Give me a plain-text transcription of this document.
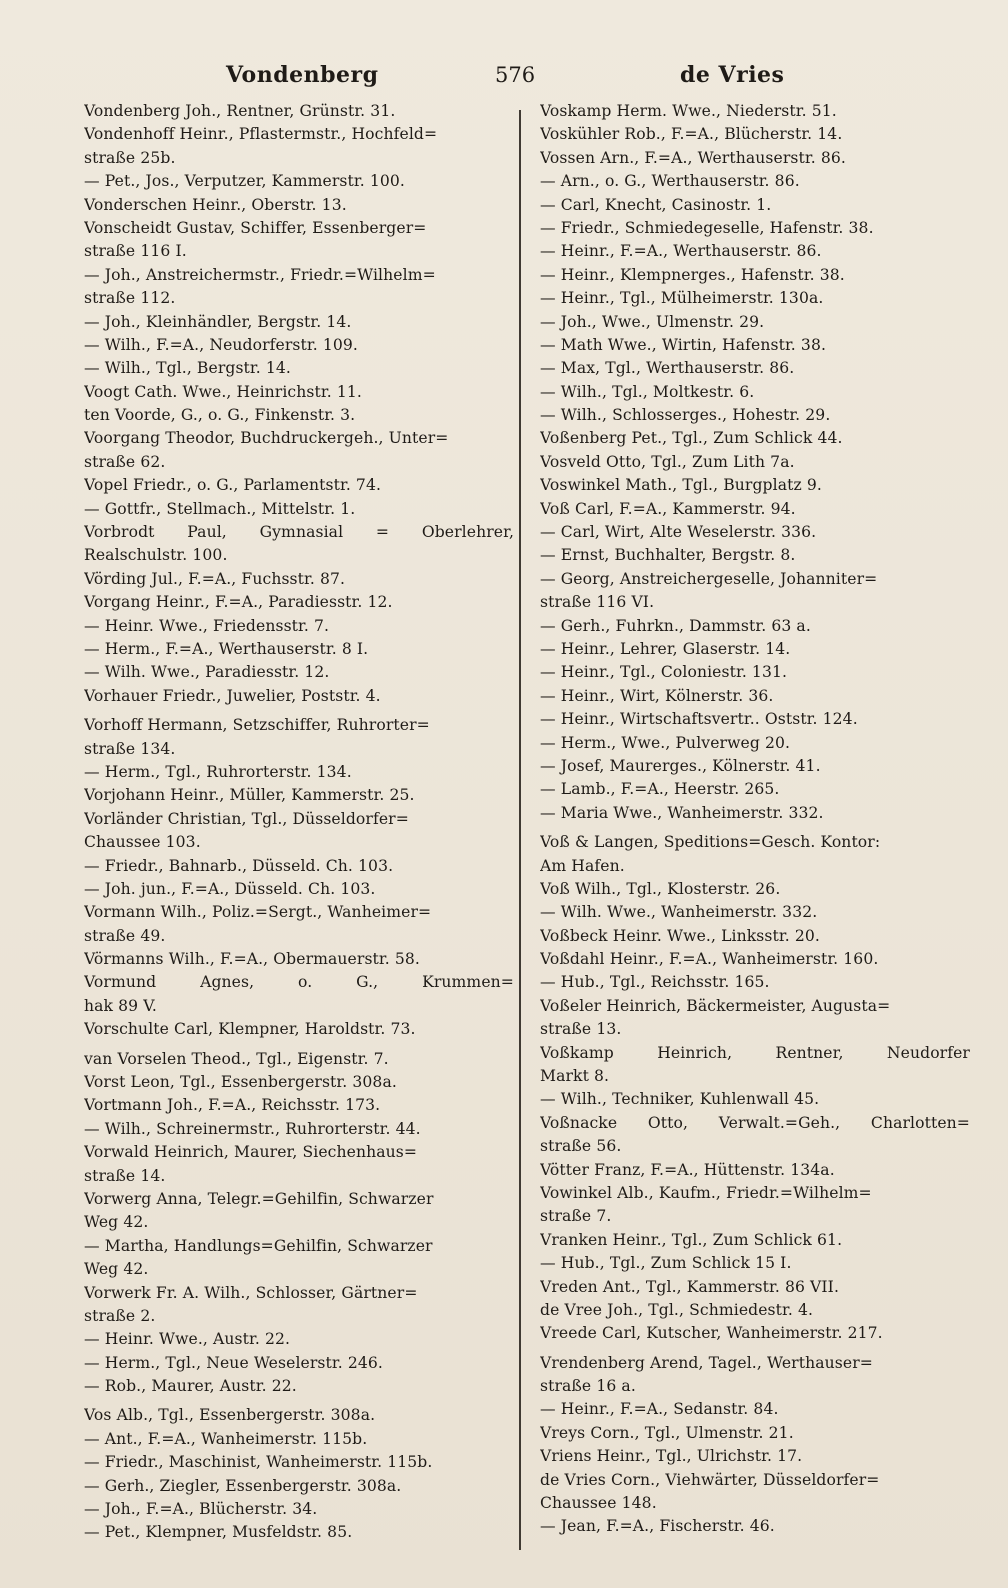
Vondenberg	576	de Vries
Vondenberg Joh., Rentner, Grünstr. 31.
Vondenhoff Heinr., Pflastermstr., Hochfeld=
straße 25b.
— Pet., Jos., Verputzer, Kammerstr. 100.
Vonderschen Heinr., Oberstr. 13.
Vonscheidt Gustav, Schiffer, Essenberger=
straße 116 I.
— Joh., Anstreichermstr., Friedr.=Wilhelm=
straße 112.
— Joh., Kleinhändler, Bergstr. 14.
— Wilh., F.=A., Neudorferstr. 109.
— Wilh., Tgl., Bergstr. 14.
Voogt Cath. Wwe., Heinrichstr. 11.
ten Voorde, G., o. G., Finkenstr. 3.
Voorgang Theodor, Buchdruckergeh., Unter=
straße 62.
Vopel Friedr., o. G., Parlamentstr. 74.
— Gottfr., Stellmach., Mittelstr. 1.
Vorbrodt Paul, Gymnasial = Oberlehrer,
Realschulstr. 100.
Vörding Jul., F.=A., Fuchsstr. 87.
Vorgang Heinr., F.=A., Paradiesstr. 12.
— Heinr. Wwe., Friedensstr. 7.
— Herm., F.=A., Werthauserstr. 8 I.
— Wilh. Wwe., Paradiesstr. 12.
Vorhauer Friedr., Juwelier, Poststr. 4.
Vorhoff Hermann, Setzschiffer, Ruhrorter=
straße 134.
— Herm., Tgl., Ruhrorterstr. 134.
Vorjohann Heinr., Müller, Kammerstr. 25.
Vorländer Christian, Tgl., Düsseldorfer=
Chaussee 103.
— Friedr., Bahnarb., Düsseld. Ch. 103.
— Joh. jun., F.=A., Düsseld. Ch. 103.
Vormann Wilh., Poliz.=Sergt., Wanheimer=
straße 49.
Vörmanns Wilh., F.=A., Obermauerstr. 58.
Vormund	Agnes,	o.	G.,	Krummen=
hak 89 V.
Vorschulte Carl, Klempner, Haroldstr. 73.
van Vorselen Theod., Tgl., Eigenstr. 7.
Vorst Leon, Tgl., Essenbergerstr. 308a.
Vortmann Joh., F.=A., Reichsstr. 173.
— Wilh., Schreinermstr., Ruhrorterstr. 44.
Vorwald Heinrich, Maurer, Siechenhaus=
straße 14.
Vorwerg Anna, Telegr.=Gehilfin, Schwarzer
Weg 42.
— Martha, Handlungs=Gehilfin, Schwarzer
Weg 42.
Vorwerk Fr. A. Wilh., Schlosser, Gärtner=
straße 2.
— Heinr. Wwe., Austr. 22.
— Herm., Tgl., Neue Weselerstr. 246.
— Rob., Maurer, Austr. 22.
Vos Alb., Tgl., Essenbergerstr. 308a.
— Ant., F.=A., Wanheimerstr. 115b.
— Friedr., Maschinist, Wanheimerstr. 115b.
— Gerh., Ziegler, Essenbergerstr. 308a.
— Joh., F.=A., Blücherstr. 34.
— Pet., Klempner, Musfeldstr. 85.
Voskamp Herm. Wwe., Niederstr. 51.
Voskühler Rob., F.=A., Blücherstr. 14.
Vossen Arn., F.=A., Werthauserstr. 86.
— Arn., o. G., Werthauserstr. 86.
— Carl, Knecht, Casinostr. 1.
— Friedr., Schmiedegeselle, Hafenstr. 38.
— Heinr., F.=A., Werthauserstr. 86.
— Heinr., Klempnerges., Hafenstr. 38.
— Heinr., Tgl., Mülheimerstr. 130a.
— Joh., Wwe., Ulmenstr. 29.
— Math Wwe., Wirtin, Hafenstr. 38.
— Max, Tgl., Werthauserstr. 86.
— Wilh., Tgl., Moltkestr. 6.
— Wilh., Schlosserges., Hohestr. 29.
Voßenberg Pet., Tgl., Zum Schlick 44.
Vosveld Otto, Tgl., Zum Lith 7a.
Voswinkel Math., Tgl., Burgplatz 9.
Voß Carl, F.=A., Kammerstr. 94.
— Carl, Wirt, Alte Weselerstr. 336.
— Ernst, Buchhalter, Bergstr. 8.
— Georg, Anstreichergeselle, Johanniter=
straße 116 VI.
— Gerh., Fuhrkn., Dammstr. 63 a.
— Heinr., Lehrer, Glaserstr. 14.
— Heinr., Tgl., Coloniestr. 131.
— Heinr., Wirt, Kölnerstr. 36.
— Heinr., Wirtschaftsvertr.. Oststr. 124.
— Herm., Wwe., Pulverweg 20.
— Josef, Maurerges., Kölnerstr. 41.
— Lamb., F.=A., Heerstr. 265.
— Maria Wwe., Wanheimerstr. 332.
Voß & Langen, Speditions=Gesch. Kontor:
Am Hafen.
Voß Wilh., Tgl., Klosterstr. 26.
— Wilh. Wwe., Wanheimerstr. 332.
Voßbeck Heinr. Wwe., Linksstr. 20.
Voßdahl Heinr., F.=A., Wanheimerstr. 160.
— Hub., Tgl., Reichsstr. 165.
Voßeler Heinrich, Bäckermeister, Augusta=
straße 13.
Voßkamp	Heinrich,	Rentner,	Neudorfer
Markt 8.
— Wilh., Techniker, Kuhlenwall 45.
Voßnacke Otto, Verwalt.=Geh., Charlotten=
straße 56.
Vötter Franz, F.=A., Hüttenstr. 134a.
Vowinkel Alb., Kaufm., Friedr.=Wilhelm=
straße 7.
Vranken Heinr., Tgl., Zum Schlick 61.
— Hub., Tgl., Zum Schlick 15 I.
Vreden Ant., Tgl., Kammerstr. 86 VII.
de Vree Joh., Tgl., Schmiedestr. 4.
Vreede Carl, Kutscher, Wanheimerstr. 217.
Vrendenberg Arend, Tagel., Werthauser=
straße 16 a.
— Heinr., F.=A., Sedanstr. 84.
Vreys Corn., Tgl., Ulmenstr. 21.
Vriens Heinr., Tgl., Ulrichstr. 17.
de Vries Corn., Viehwärter, Düsseldorfer=
Chaussee 148.
— Jean, F.=A., Fischerstr. 46.
